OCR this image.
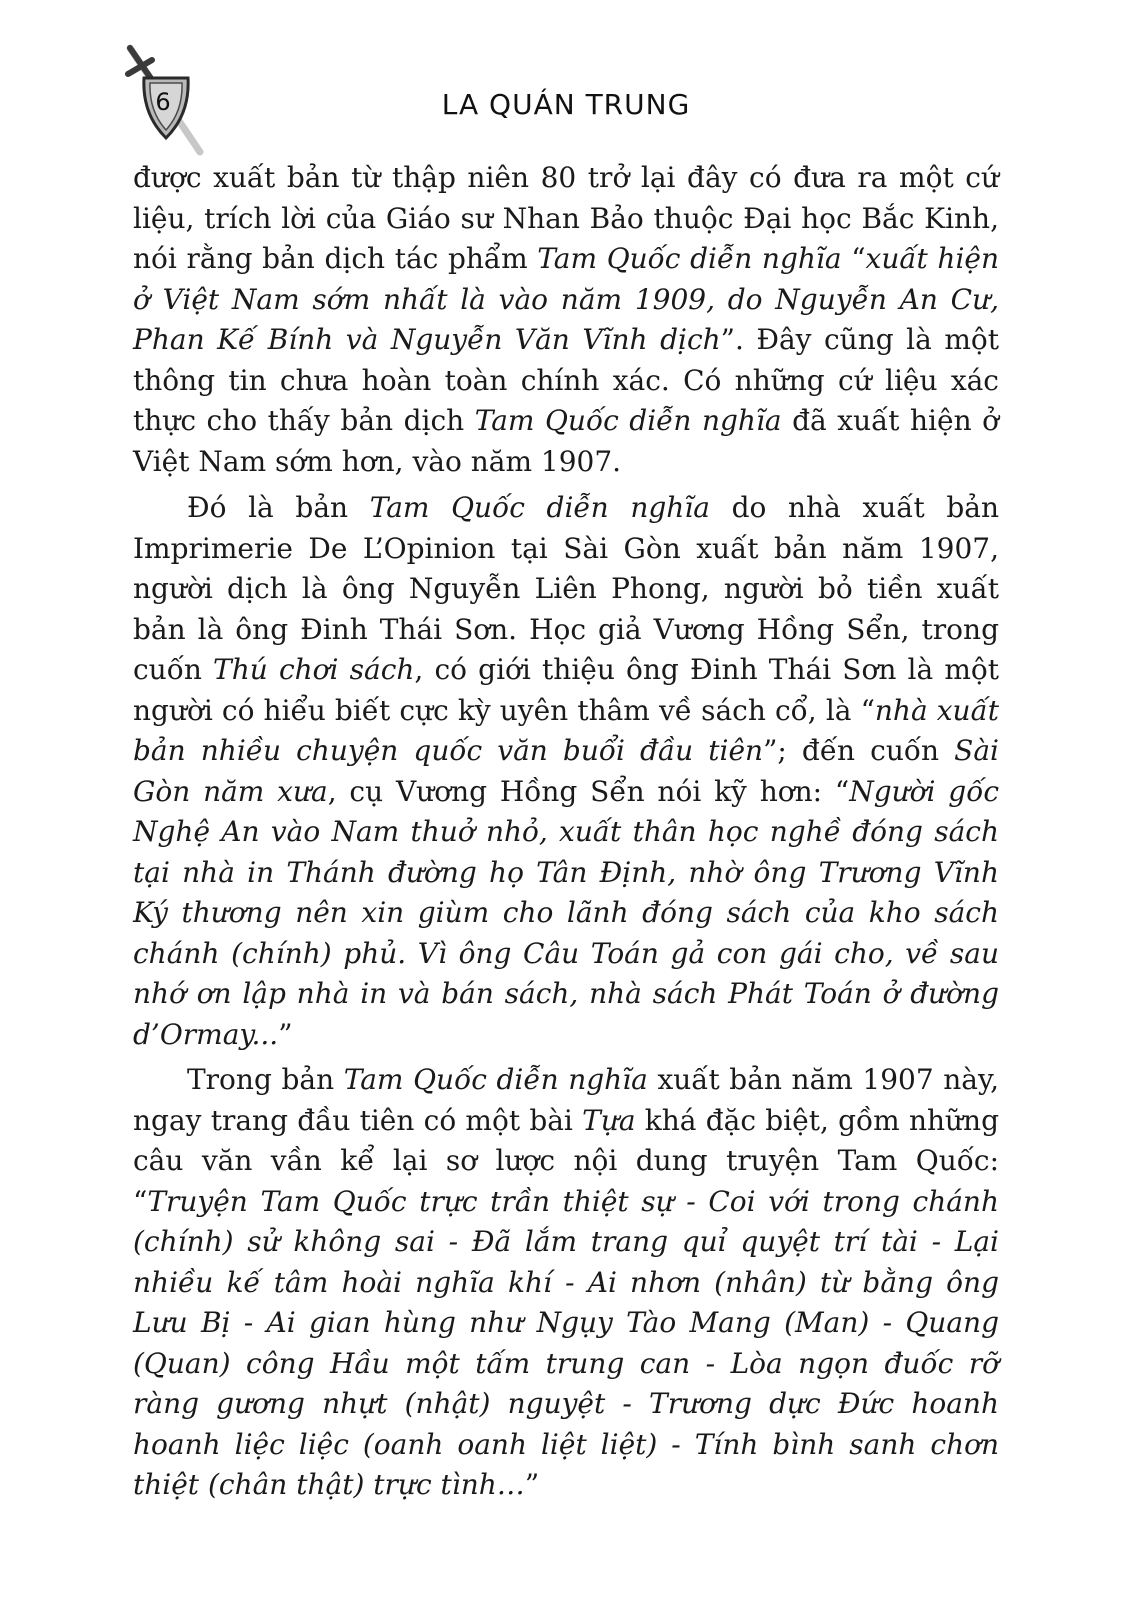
6	LA QUÁN TRUNG

được xuất bản từ thập niên 80 trở lại đây có đưa ra một cứ liệu, trích lời của Giáo sư Nhan Bảo thuộc Đại học Bắc Kinh, nói rằng bản dịch tác phẩm Tam Quốc diễn nghĩa “xuất hiện ở Việt Nam sớm nhất là vào năm 1909, do Nguyễn An Cư, Phan Kế Bính và Nguyễn Văn Vĩnh dịch”. Đây cũng là một thông tin chưa hoàn toàn chính xác. Có những cứ liệu xác thực cho thấy bản dịch Tam Quốc diễn nghĩa đã xuất hiện ở Việt Nam sớm hơn, vào năm 1907.

Đó là bản Tam Quốc diễn nghĩa do nhà xuất bản Imprimerie De L’Opinion tại Sài Gòn xuất bản năm 1907, người dịch là ông Nguyễn Liên Phong, người bỏ tiền xuất bản là ông Đinh Thái Sơn. Học giả Vương Hồng Sển, trong cuốn Thú chơi sách, có giới thiệu ông Đinh Thái Sơn là một người có hiểu biết cực kỳ uyên thâm về sách cổ, là “nhà xuất bản nhiều chuyện quốc văn buổi đầu tiên”; đến cuốn Sài Gòn năm xưa, cụ Vương Hồng Sển nói kỹ hơn: “Người gốc Nghệ An vào Nam thuở nhỏ, xuất thân học nghề đóng sách tại nhà in Thánh đường họ Tân Định, nhờ ông Trương Vĩnh Ký thương nên xin giùm cho lãnh đóng sách của kho sách chánh (chính) phủ. Vì ông Câu Toán gả con gái cho, về sau nhớ ơn lập nhà in và bán sách, nhà sách Phát Toán ở đường d’Ormay...”

Trong bản Tam Quốc diễn nghĩa xuất bản năm 1907 này, ngay trang đầu tiên có một bài Tựa khá đặc biệt, gồm những câu văn vần kể lại sơ lược nội dung truyện Tam Quốc: “Truyện Tam Quốc trực trần thiệt sự - Coi với trong chánh (chính) sử không sai - Đã lắm trang quỉ quyệt trí tài - Lại nhiều kế tâm hoài nghĩa khí - Ai nhơn (nhân) từ bằng ông Lưu Bị - Ai gian hùng như Ngụy Tào Mang (Man) - Quang (Quan) công Hầu một tấm trung can - Lòa ngọn đuốc rỡ ràng gương nhựt (nhật) nguyệt - Trương dực Đức hoanh hoanh liệc liệc (oanh oanh liệt liệt) - Tính bình sanh chơn thiệt (chân thật) trực tình…”
